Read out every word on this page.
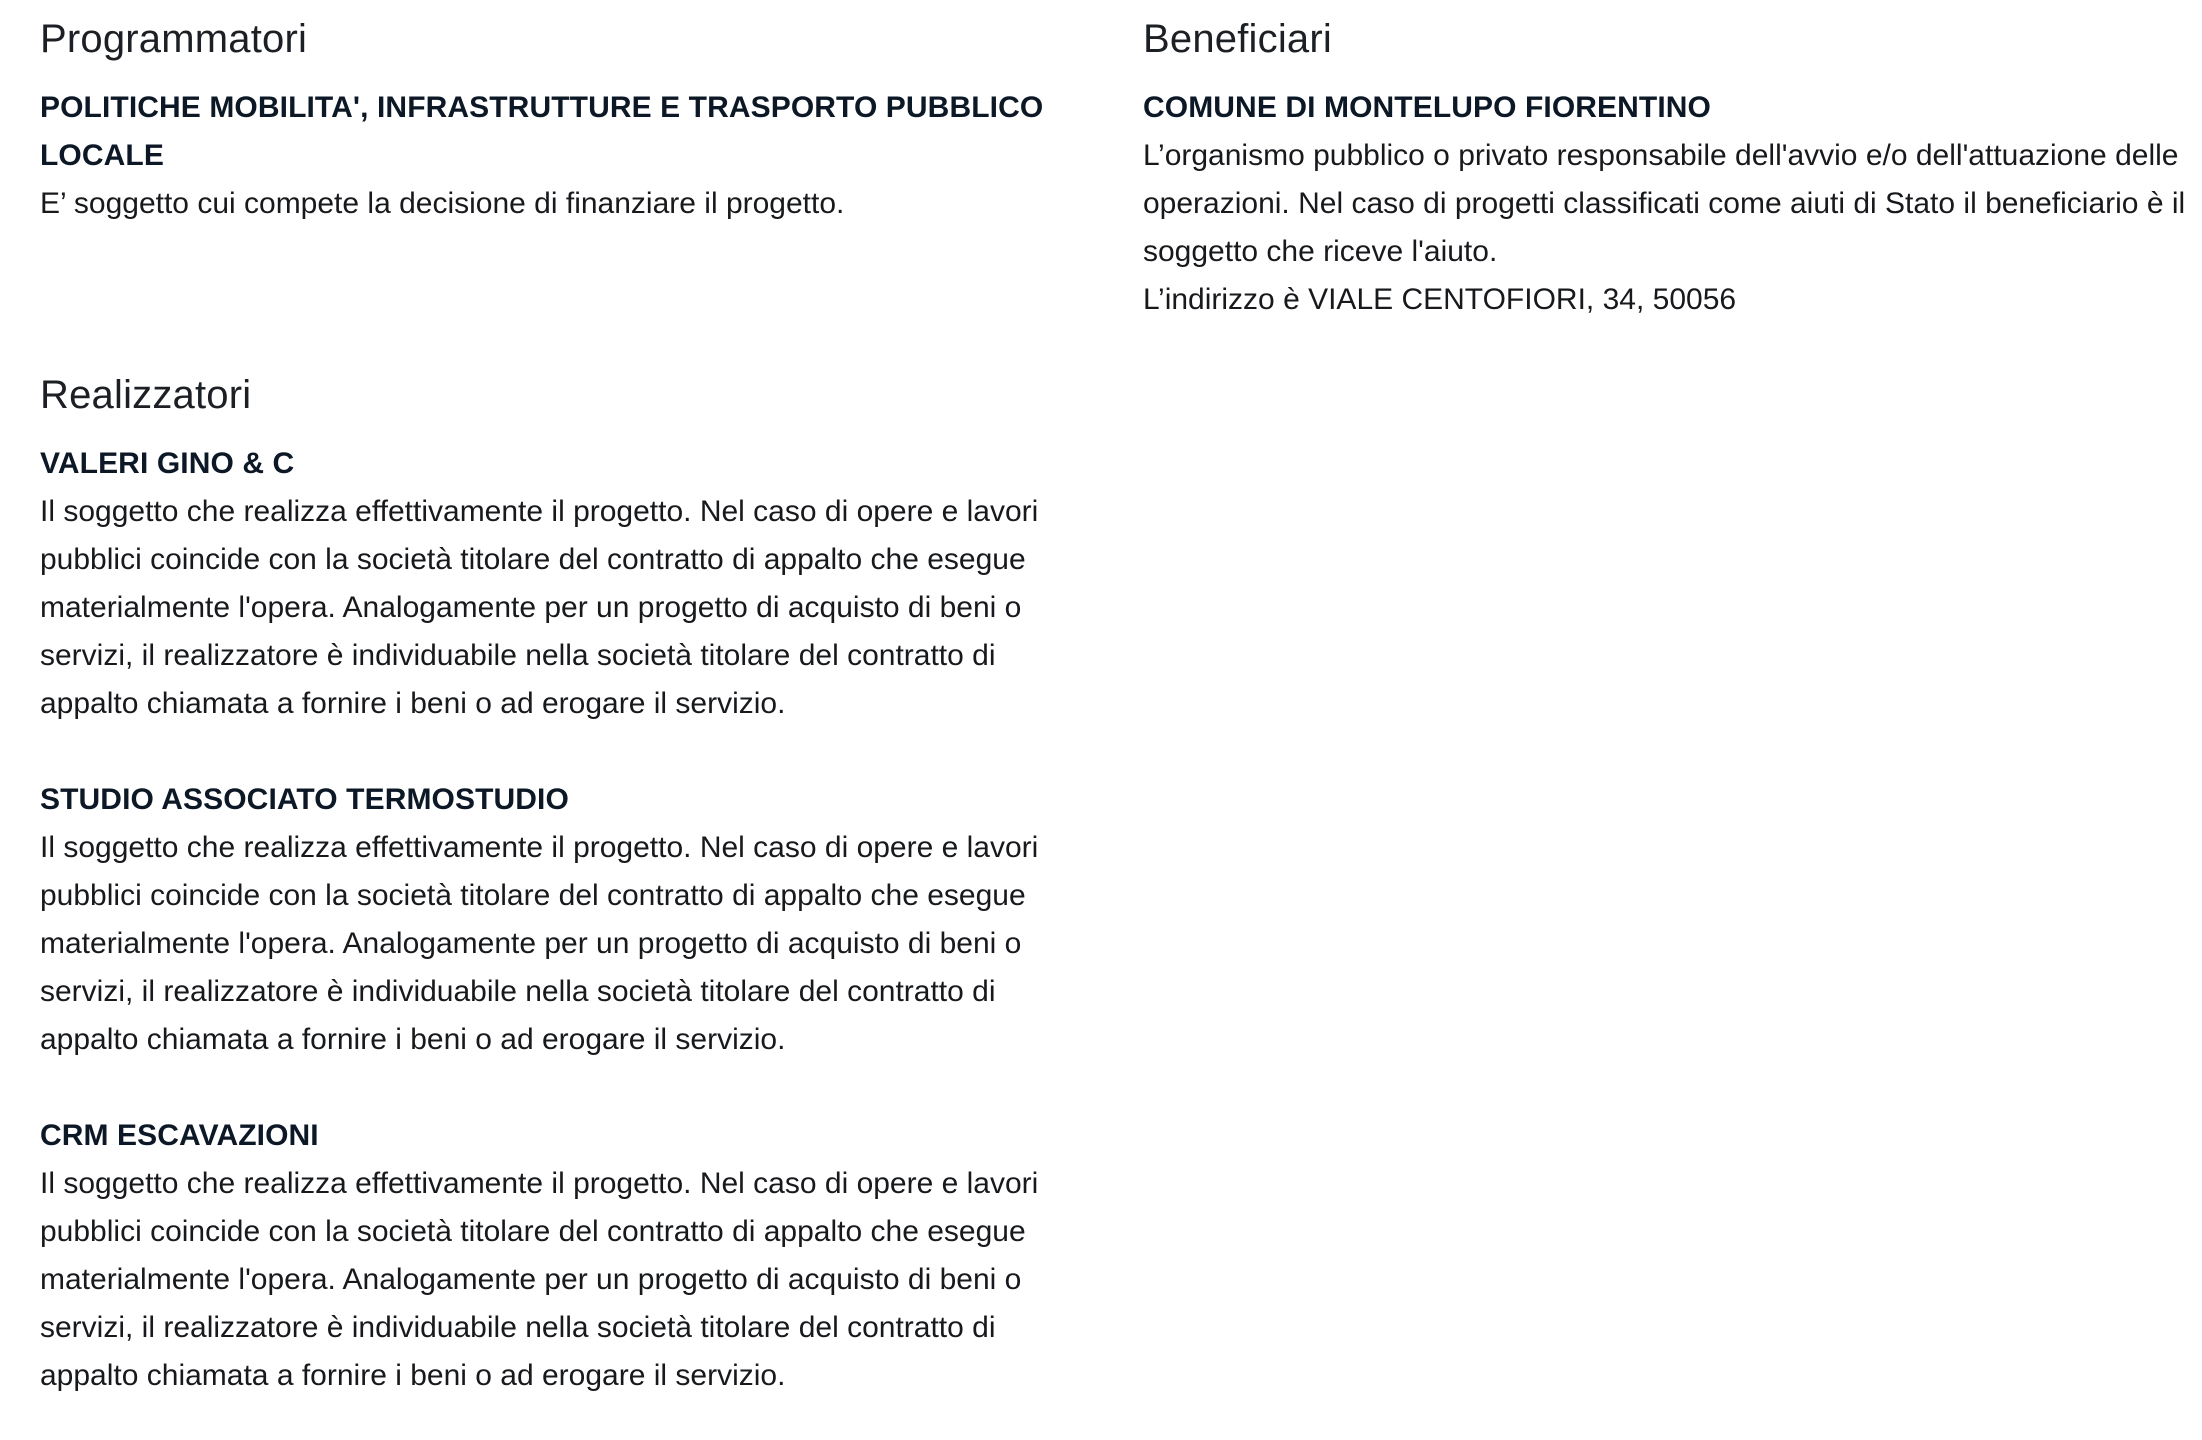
Programmatori
POLITICHE MOBILITA', INFRASTRUTTURE E TRASPORTO PUBBLICO LOCALE
E’ soggetto cui compete la decisione di finanziare il progetto.
Beneficiari
COMUNE DI MONTELUPO FIORENTINO
L’organismo pubblico o privato responsabile dell'avvio e/o dell'attuazione delle operazioni. Nel caso di progetti classificati come aiuti di Stato il beneficiario è il soggetto che riceve l'aiuto.
L’indirizzo è VIALE CENTOFIORI, 34, 50056
Realizzatori
VALERI GINO & C
Il soggetto che realizza effettivamente il progetto. Nel caso di opere e lavori pubblici coincide con la società titolare del contratto di appalto che esegue materialmente l'opera. Analogamente per un progetto di acquisto di beni o servizi, il realizzatore è individuabile nella società titolare del contratto di appalto chiamata a fornire i beni o ad erogare il servizio.
STUDIO ASSOCIATO TERMOSTUDIO
Il soggetto che realizza effettivamente il progetto. Nel caso di opere e lavori pubblici coincide con la società titolare del contratto di appalto che esegue materialmente l'opera. Analogamente per un progetto di acquisto di beni o servizi, il realizzatore è individuabile nella società titolare del contratto di appalto chiamata a fornire i beni o ad erogare il servizio.
CRM ESCAVAZIONI
Il soggetto che realizza effettivamente il progetto. Nel caso di opere e lavori pubblici coincide con la società titolare del contratto di appalto che esegue materialmente l'opera. Analogamente per un progetto di acquisto di beni o servizi, il realizzatore è individuabile nella società titolare del contratto di appalto chiamata a fornire i beni o ad erogare il servizio.
